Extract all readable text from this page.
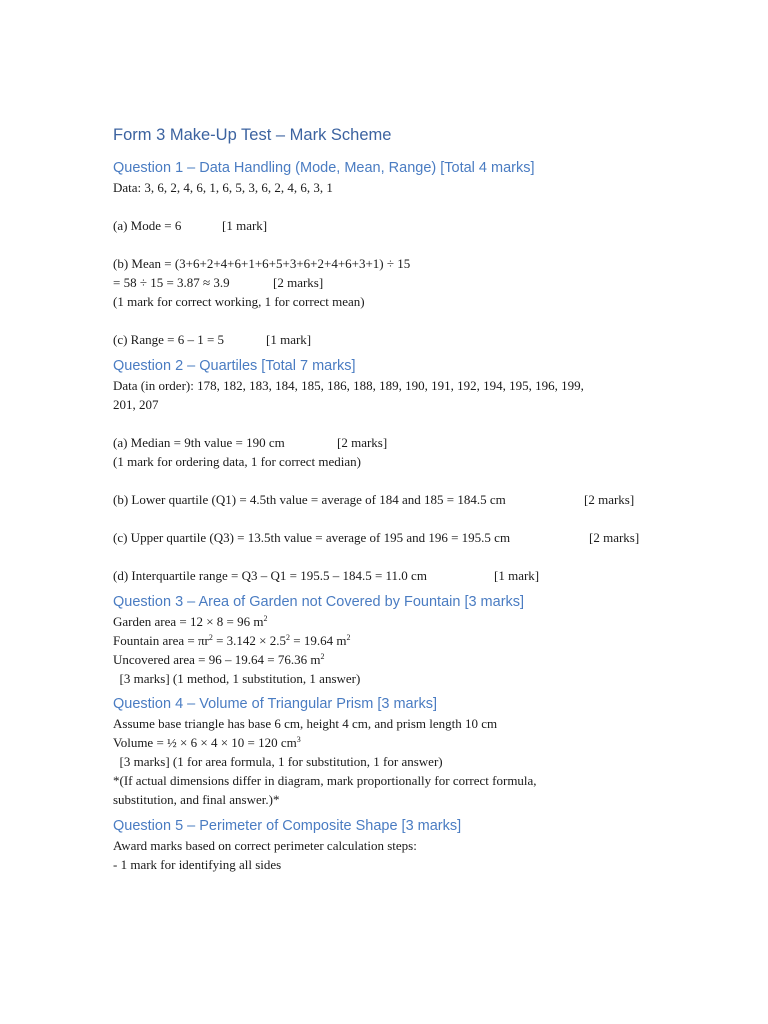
Form 3 Make-Up Test – Mark Scheme
Question 1 – Data Handling (Mode, Mean, Range) [Total 4 marks]
Data: 3, 6, 2, 4, 6, 1, 6, 5, 3, 6, 2, 4, 6, 3, 1
(a) Mode = 6	[1 mark]
(b) Mean = (3+6+2+4+6+1+6+5+3+6+2+4+6+3+1) ÷ 15
= 58 ÷ 15 = 3.87 ≈ 3.9	[2 marks]
(1 mark for correct working, 1 for correct mean)
(c) Range = 6 – 1 = 5	[1 mark]
Question 2 – Quartiles [Total 7 marks]
Data (in order): 178, 182, 183, 184, 185, 186, 188, 189, 190, 191, 192, 194, 195, 196, 199,
201, 207
(a) Median = 9th value = 190 cm	[2 marks]
(1 mark for ordering data, 1 for correct median)
(b) Lower quartile (Q1) = 4.5th value = average of 184 and 185 = 184.5 cm	[2 marks]
(c) Upper quartile (Q3) = 13.5th value = average of 195 and 196 = 195.5 cm	[2 marks]
(d) Interquartile range = Q3 – Q1 = 195.5 – 184.5 = 11.0 cm	[1 mark]
Question 3 – Area of Garden not Covered by Fountain [3 marks]
Garden area = 12 × 8 = 96 $m^2$
Fountain area = $\pi r^2 = 3.142 \times 2.5^2 = 19.64$ $m^2$
Uncovered area = 96 – 19.64 = 76.36 $m^2$
[3 marks] (1 method, 1 substitution, 1 answer)
Question 4 – Volume of Triangular Prism [3 marks]
Assume base triangle has base 6 cm, height 4 cm, and prism length 10 cm
Volume = ½ × 6 × 4 × 10 = 120 $cm^3$
[3 marks] (1 for area formula, 1 for substitution, 1 for answer)
*(If actual dimensions differ in diagram, mark proportionally for correct formula,
substitution, and final answer.)*
Question 5 – Perimeter of Composite Shape [3 marks]
Award marks based on correct perimeter calculation steps:
- 1 mark for identifying all sides
